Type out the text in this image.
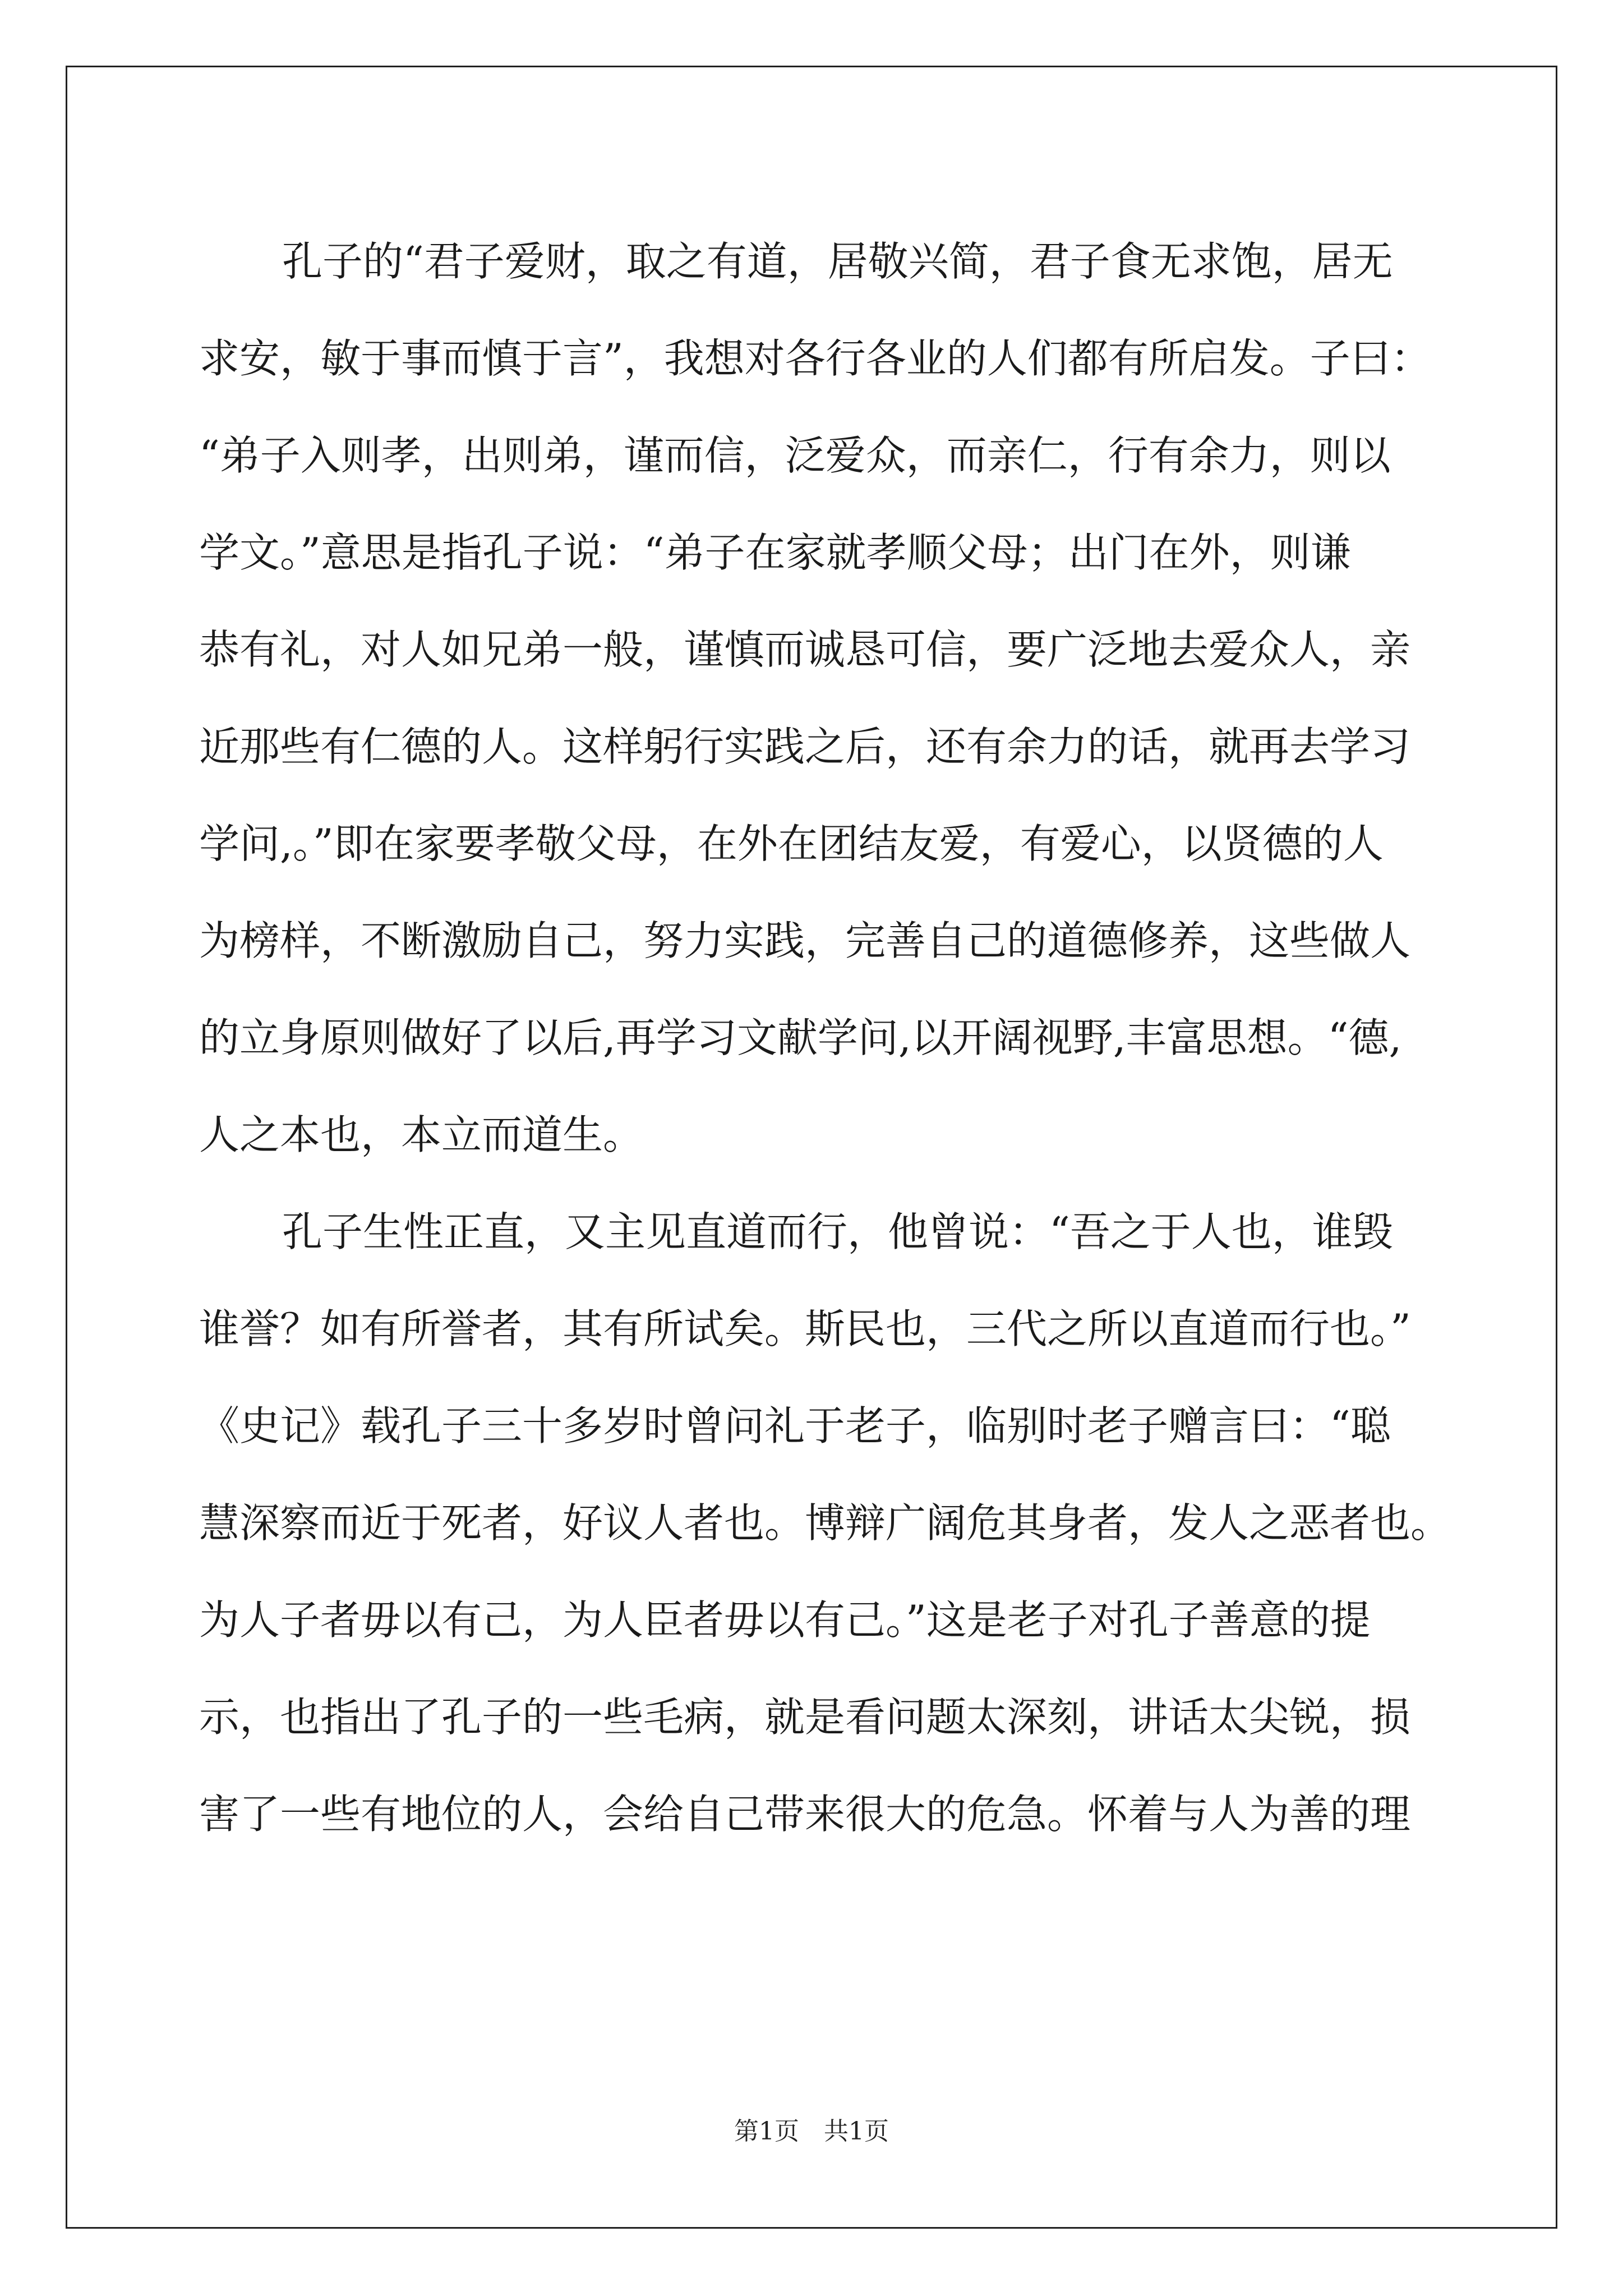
孔子的“君子爱财，取之有道，居敬兴简，君子食无求饱，居无
求安，敏于事而慎于言”，我想对各行各业的人们都有所启发。子曰：
“弟子入则孝，出则弟，谨而信，泛爱众，而亲仁，行有余力，则以
学文。”意思是指孔子说：“弟子在家就孝顺父母；出门在外，则谦
恭有礼，对人如兄弟一般，谨慎而诚恳可信，要广泛地去爱众人，亲
近那些有仁德的人。这样躬行实践之后，还有余力的话，就再去学习
学问,。”即在家要孝敬父母，在外在团结友爱，有爱心，以贤德的人
为榜样，不断激励自己，努力实践，完善自己的道德修养，这些做人
的立身原则做好了以后,再学习文献学问,以开阔视野,丰富思想。“德,
人之本也，本立而道生。
孔子生性正直，又主见直道而行，他曾说：“吾之于人也，谁毁
谁誉？如有所誉者，其有所试矣。斯民也，三代之所以直道而行也。”
《史记》载孔子三十多岁时曾问礼于老子，临别时老子赠言曰：“聪
慧深察而近于死者，好议人者也。博辩广阔危其身者，发人之恶者也。
为人子者毋以有己，为人臣者毋以有己。”这是老子对孔子善意的提
示，也指出了孔子的一些毛病，就是看问题太深刻，讲话太尖锐，损
害了一些有地位的人，会给自己带来很大的危急。怀着与人为善的理
第1页　共1页
